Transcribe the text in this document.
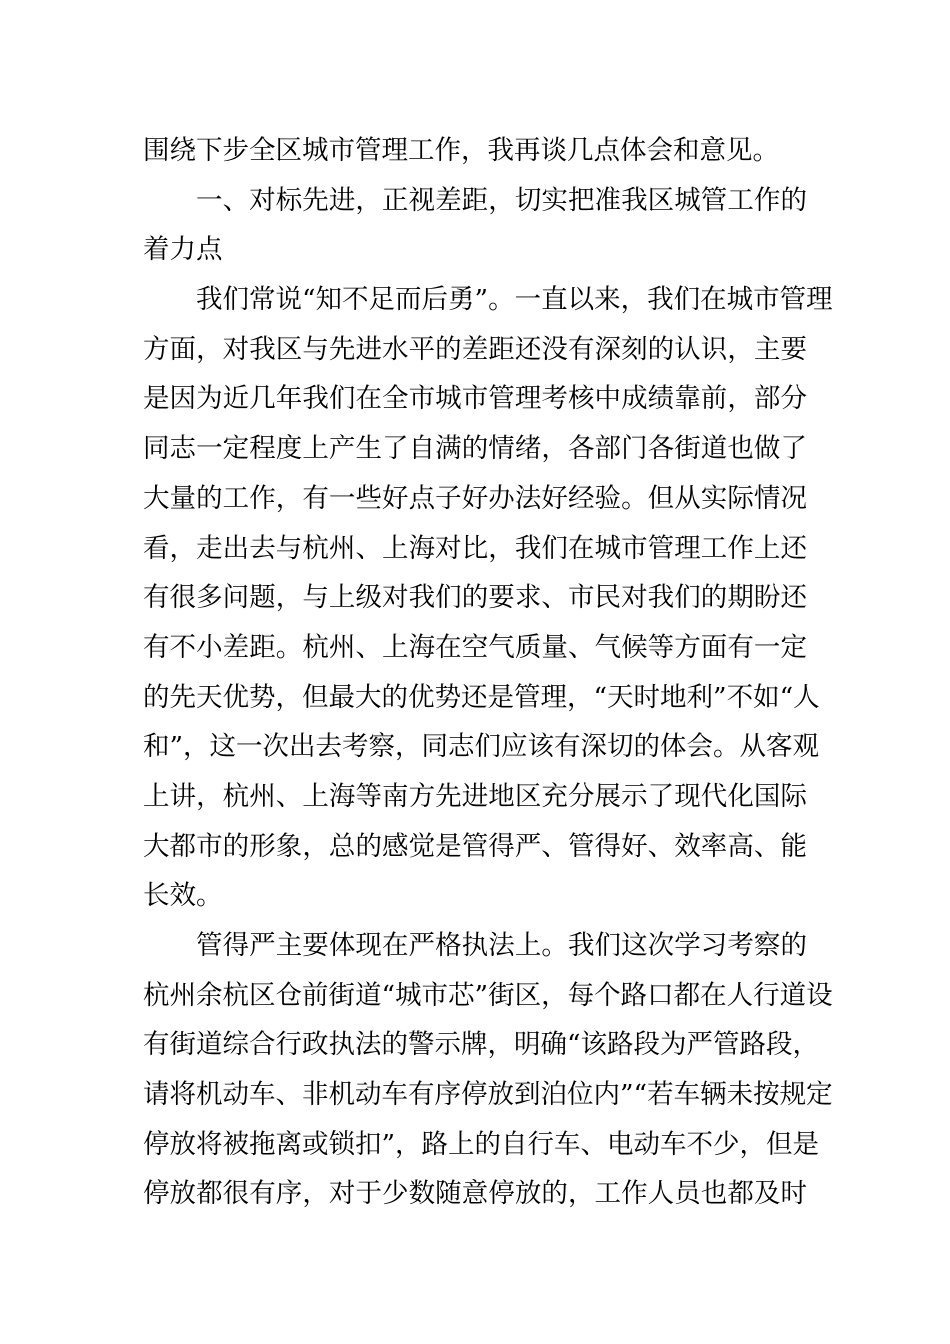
围绕下步全区城市管理工作，我再谈几点体会和意见。
一、对标先进，正视差距，切实把准我区城管工作的
着力点
我们常说“知不足而后勇”。一直以来，我们在城市管理
方面，对我区与先进水平的差距还没有深刻的认识，主要
是因为近几年我们在全市城市管理考核中成绩靠前，部分
同志一定程度上产生了自满的情绪，各部门各街道也做了
大量的工作，有一些好点子好办法好经验。但从实际情况
看，走出去与杭州、上海对比，我们在城市管理工作上还
有很多问题，与上级对我们的要求、市民对我们的期盼还
有不小差距。杭州、上海在空气质量、气候等方面有一定
的先天优势，但最大的优势还是管理，“天时地利”不如“人
和”，这一次出去考察，同志们应该有深切的体会。从客观
上讲，杭州、上海等南方先进地区充分展示了现代化国际
大都市的形象，总的感觉是管得严、管得好、效率高、能
长效。
管得严主要体现在严格执法上。我们这次学习考察的
杭州余杭区仓前街道“城市芯”街区，每个路口都在人行道设
有街道综合行政执法的警示牌，明确“该路段为严管路段，
请将机动车、非机动车有序停放到泊位内”“若车辆未按规定
停放将被拖离或锁扣”，路上的自行车、电动车不少，但是
停放都很有序，对于少数随意停放的，工作人员也都及时
